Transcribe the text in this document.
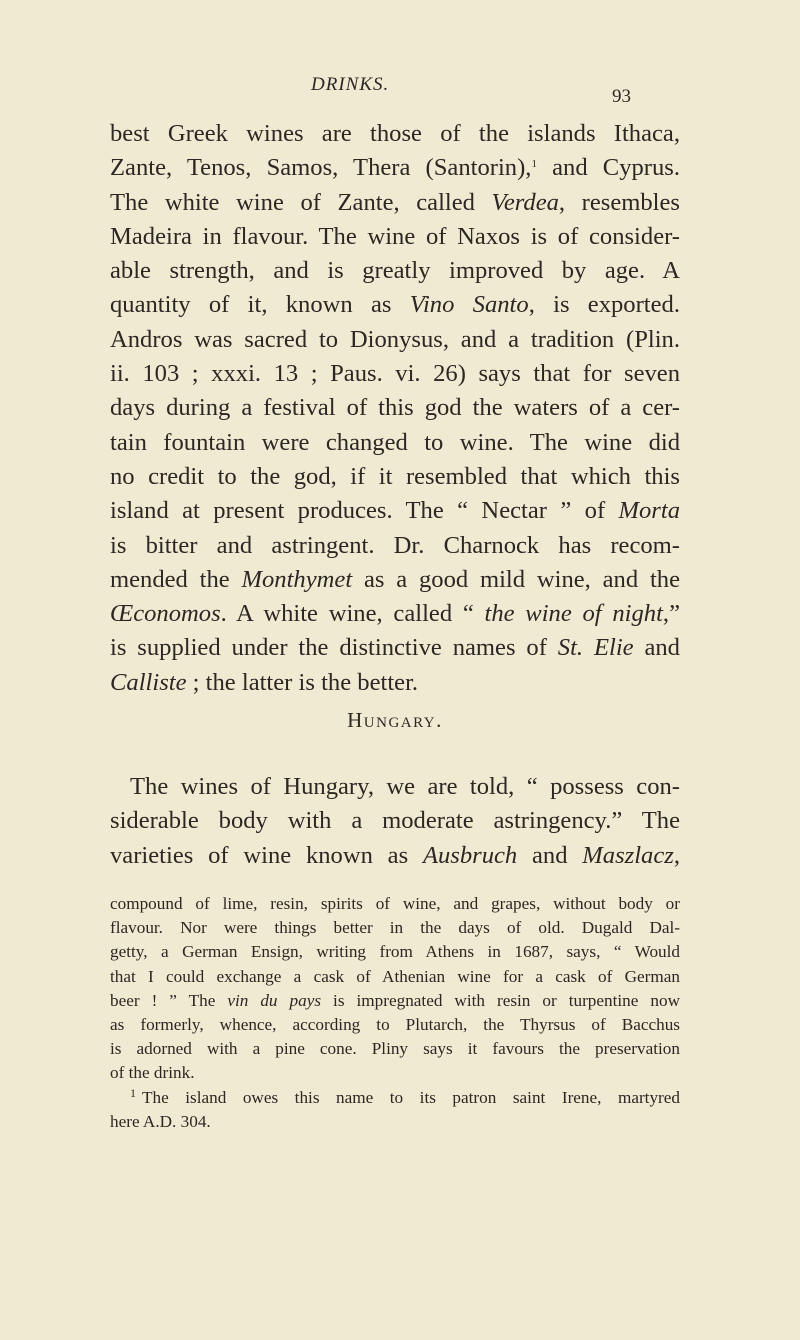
DRINKS.
93
best Greek wines are those of the islands Ithaca,
Zante, Tenos, Samos, Thera (Santorin),$^1$ and Cyprus.
The white wine of Zante, called Verdea, resembles
Madeira in flavour. The wine of Naxos is of consider-
able strength, and is greatly improved by age. A
quantity of it, known as Vino Santo, is exported.
Andros was sacred to Dionysus, and a tradition (Plin.
ii. 103 ; xxxi. 13 ; Paus. vi. 26) says that for seven
days during a festival of this god the waters of a cer-
tain fountain were changed to wine. The wine did
no credit to the god, if it resembled that which this
island at present produces. The “ Nectar ” of Morta
is bitter and astringent. Dr. Charnock has recom-
mended the Monthymet as a good mild wine, and the
Œconomos. A white wine, called “ the wine of night,”
is supplied under the distinctive names of St. Elie and
Calliste ; the latter is the better.
Hungary.
The wines of Hungary, we are told, “ possess con-
siderable body with a moderate astringency.” The
varieties of wine known as Ausbruch and Maszlacz,
compound of lime, resin, spirits of wine, and grapes, without body or
flavour. Nor were things better in the days of old. Dugald Dal-
getty, a German Ensign, writing from Athens in 1687, says, “ Would
that I could exchange a cask of Athenian wine for a cask of German
beer ! ” The vin du pays is impregnated with resin or turpentine now
as formerly, whence, according to Plutarch, the Thyrsus of Bacchus
is adorned with a pine cone. Pliny says it favours the preservation
of the drink.
$^1$ The island owes this name to its patron saint Irene, martyred
here A.D. 304.
